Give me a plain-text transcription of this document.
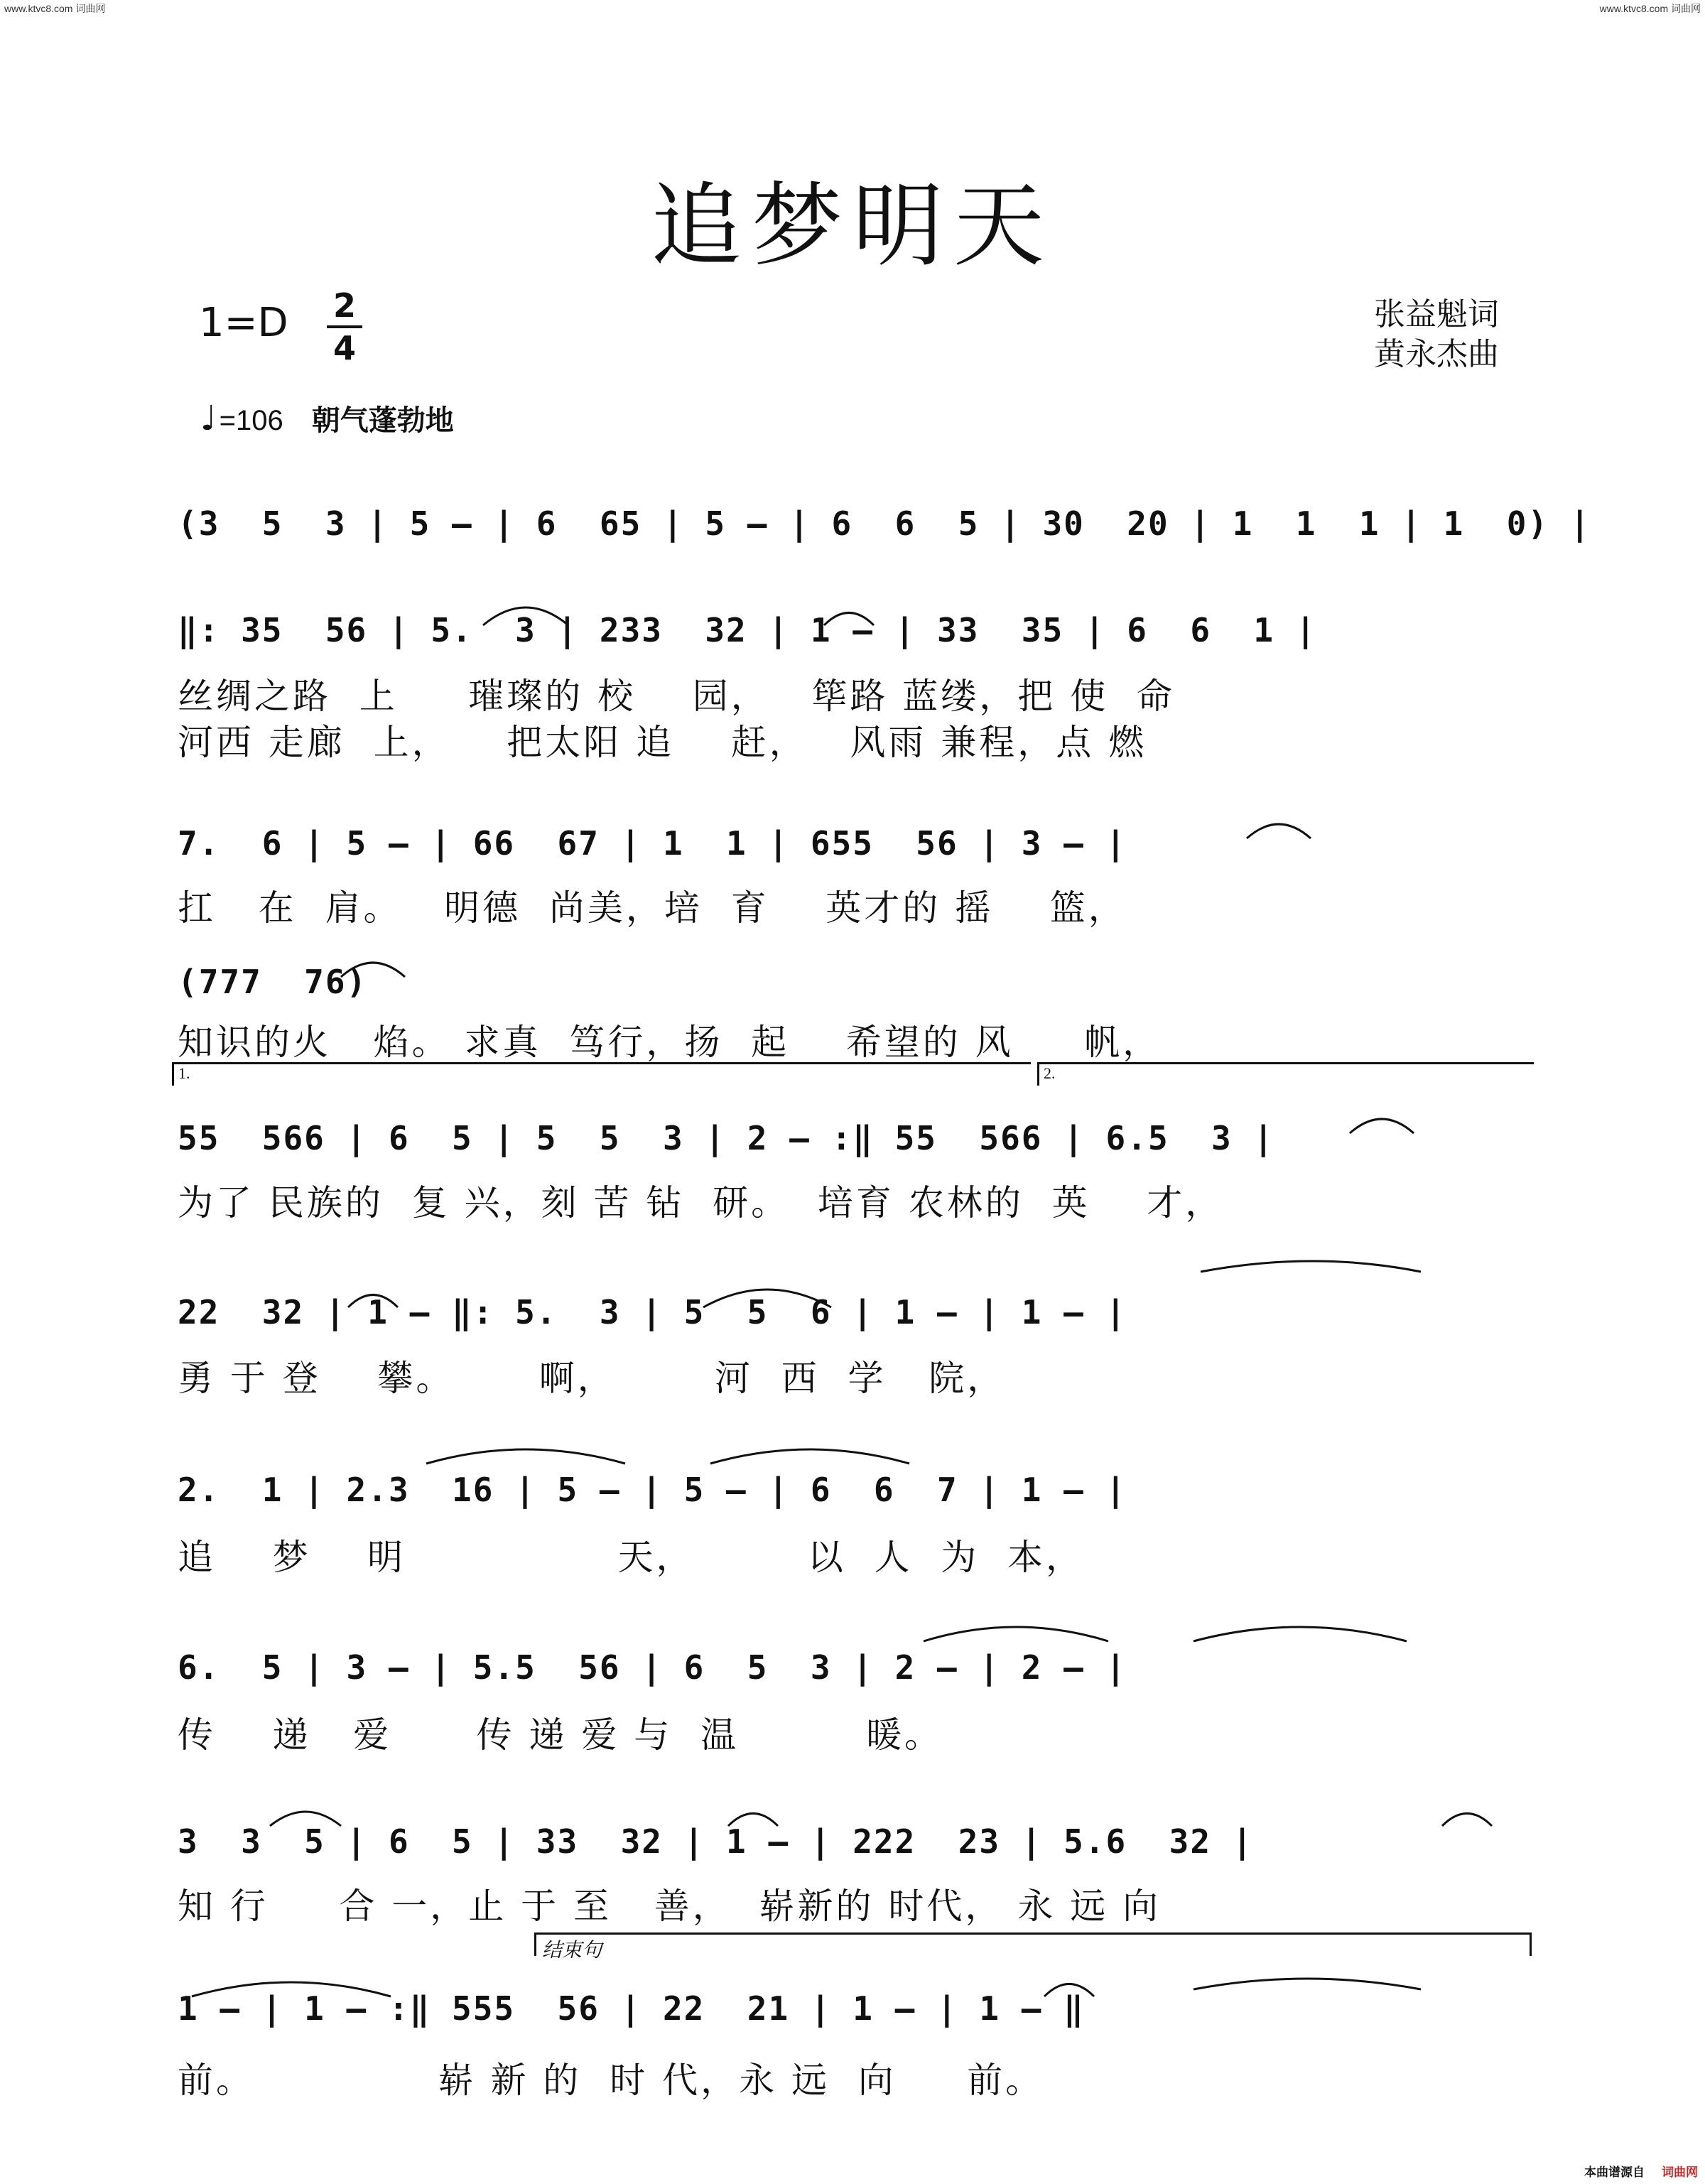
www.ktvc8.com 词曲网	www.ktvc8.com 词曲网
追梦明天
1=D 2
4
张益魁词
黄永杰曲
♩ =106 朝气蓬勃地
(3  5  3 | 5 – | 6  65 | 5 – | 6  6  5 | 30  20 | 1  1  1 | 1  0) |
‖: 35  56 | 5.  3 | 233  32 | 1 – | 33  35 | 6  6  1 |
丝绸之路  上     璀璨的 校    园，   筚路 蓝缕，把 使  命
河西 走廊  上，    把太阳 追    赶，   风雨 兼程，点 燃
7.  6 | 5 – | 66  67 | 1  1 | 655  56 | 3 – |
扛   在  肩。   明德  尚美，培  育    英才的 摇    篮，
(777  76)
知识的火   焰。 求真  笃行，扬  起    希望的 风     帆，
1.	2.
55  566 | 6  5 | 5  5  3 | 2 – :‖ 55  566 | 6.5  3 |
为了 民族的  复 兴，刻 苦 钻  研。  培育 农林的  英    才，
22  32 | 1 – ‖: 5.  3 | 5  5  6 | 1 – | 1 – |
勇 于 登    攀。      啊，       河  西  学   院，
2.  1 | 2.3  16 | 5 – | 5 – | 6  6  7 | 1 – |
追    梦    明               天，        以  人  为  本，
6.  5 | 3 – | 5.5  56 | 6  5  3 | 2 – | 2 – |
传    递   爱      传 递 爱 与  温         暖。
3  3  5 | 6  5 | 33  32 | 1 – | 222  23 | 5.6  32 |
知 行     合 一，止 于 至   善，  崭新的 时代， 永 远 向
结束句
1 – | 1 – :‖ 555  56 | 22  21 | 1 – | 1 – ‖
前。             崭 新 的  时 代，永 远  向     前。
本曲谱源自 词曲网
